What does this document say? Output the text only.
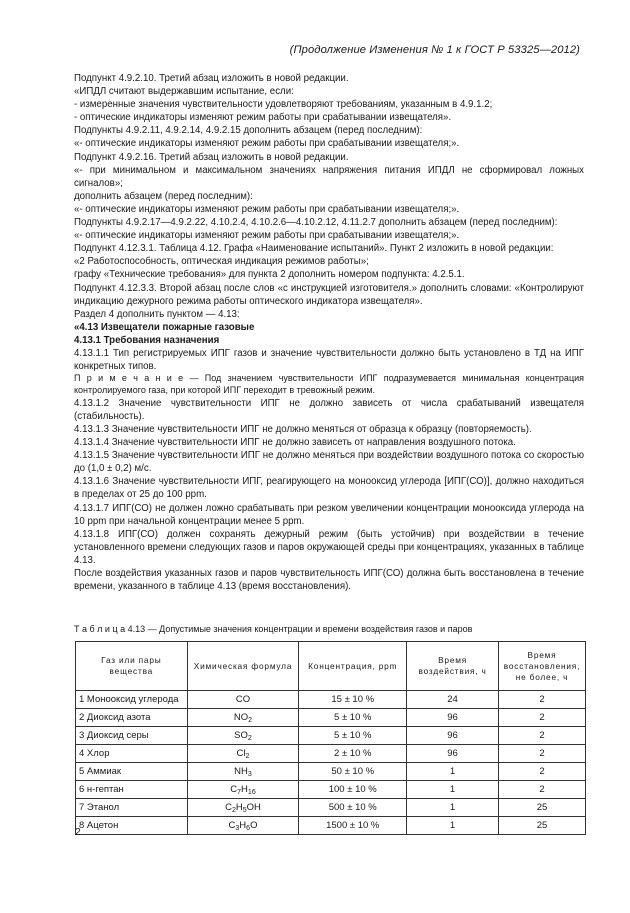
(Продолжение Изменения № 1 к ГОСТ Р 53325—2012)

Подпункт 4.9.2.10. Третий абзац изложить в новой редакции.

«ИПДЛ считают выдержавшим испытание, если:

- измеренные значения чувствительности удовлетворяют требованиям, указанным в 4.9.1.2;

- оптические индикаторы изменяют режим работы при срабатывании извещателя».

Подпункты 4.9.2.11, 4.9.2.14, 4.9.2.15 дополнить абзацем (перед последним):

«- оптические индикаторы изменяют режим работы при срабатывании извещателя;».

Подпункт 4.9.2.16. Третий абзац изложить в новой редакции.

«- при минимальном и максимальном значениях напряжения питания ИПДЛ не сформировал ложных сигналов»;

дополнить абзацем (перед последним):

«- оптические индикаторы изменяют режим работы при срабатывании извещателя;».

Подпункты 4.9.2.17—4.9.2.22, 4.10.2.4, 4.10.2.6—4.10.2.12, 4.11.2.7 дополнить абзацем (перед последним):

«- оптические индикаторы изменяют режим работы при срабатывании извещателя;».

Подпункт 4.12.3.1. Таблица 4.12. Графа «Наименование испытаний». Пункт 2 изложить в новой редакции:

«2 Работоспособность, оптическая индикация режимов работы»;

графу «Технические требования» для пункта 2 дополнить номером подпункта: 4.2.5.1.

Подпункт 4.12.3.3. Второй абзац после слов «с инструкцией изготовителя.» дополнить словами: «Контролируют индикацию дежурного режима работы оптического индикатора извещателя».

Раздел 4 дополнить пунктом — 4.13:

«4.13 Извещатели пожарные газовые

4.13.1 Требования назначения

4.13.1.1 Тип регистрируемых ИПГ газов и значение чувствительности должно быть установлено в ТД на ИПГ конкретных типов.

П р и м е ч а н и е — Под значением чувствительности ИПГ подразумевается минимальная концентрация контролируемого газа, при которой ИПГ переходит в тревожный режим.

4.13.1.2 Значение чувствительности ИПГ не должно зависеть от числа срабатываний извещателя (стабильность).

4.13.1.3 Значение чувствительности ИПГ не должно меняться от образца к образцу (повторяемость).

4.13.1.4 Значение чувствительности ИПГ не должно зависеть от направления воздушного потока.

4.13.1.5 Значение чувствительности ИПГ не должно меняться при воздействии воздушного потока со скоростью до (1,0 ± 0,2) м/с.

4.13.1.6 Значение чувствительности ИПГ, реагирующего на монооксид углерода [ИПГ(СО)], должно находиться в пределах от 25 до 100 ppm.

4.13.1.7 ИПГ(СО) не должен ложно срабатывать при резком увеличении концентрации монооксида углерода на 10 ppm при начальной концентрации менее 5 ppm.

4.13.1.8 ИПГ(СО) должен сохранять дежурный режим (быть устойчив) при воздействии в течение установленного времени следующих газов и паров окружающей среды при концентрациях, указанных в таблице 4.13.

После воздействия указанных газов и паров чувствительность ИПГ(СО) должна быть восстановлена в течение времени, указанного в таблице 4.13 (время восстановления).

Т а б л и ц а 4.13 — Допустимые значения концентрации и времени воздействия газов и паров
Газ или пары вещества	Химическая формула	Концентрация, ppm	Время воздействия, ч	Время восстановления, не более, ч
1 Монооксид углерода	CO	15 ± 10 %	24	2
2 Диоксид азота	$NO_2$	5 ± 10 %	96	2
3 Диоксид серы	$SO_2$	5 ± 10 %	96	2
4 Хлор	$Cl_2$	2 ± 10 %	96	2
5 Аммиак	$NH_3$	50 ± 10 %	1	2
6 н-гептан	$C_7H_{16}$	100 ± 10 %	1	2
7 Этанол	$C_2H_5OH$	500 ± 10 %	1	25
8 Ацетон	$C_3H_6O$	1500 ± 10 %	1	25
2
